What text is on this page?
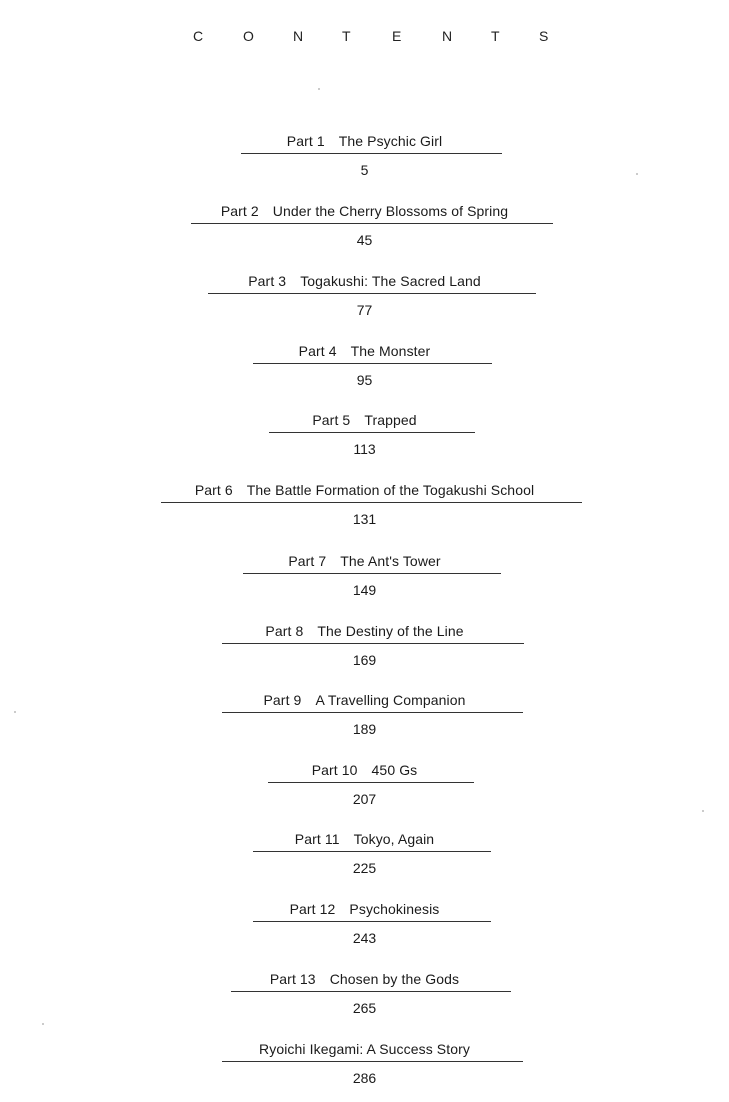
C	O	N	T	E	N	T	S
Part 1 The Psychic Girl
5
Part 2 Under the Cherry Blossoms of Spring
45
Part 3 Togakushi: The Sacred Land
77
Part 4 The Monster
95
Part 5 Trapped
113
Part 6 The Battle Formation of the Togakushi School
131
Part 7 The Ant's Tower
149
Part 8 The Destiny of the Line
169
Part 9 A Travelling Companion
189
Part 10 450 Gs
207
Part 11 Tokyo, Again
225
Part 12 Psychokinesis
243
Part 13 Chosen by the Gods
265
Ryoichi Ikegami: A Success Story
286
